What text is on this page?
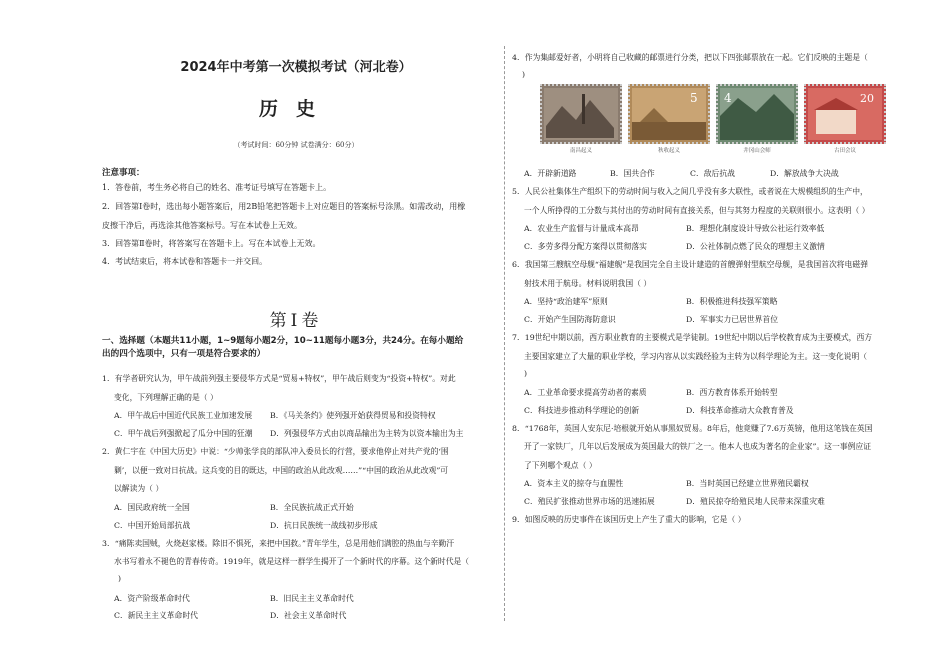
2024年中考第一次模拟考试（河北卷）
历史
（考试时间：60分钟 试卷满分：60分）
注意事项：
1．答卷前，考生务必将自己的姓名、准考证号填写在答题卡上。
2．回答第Ⅰ卷时，选出每小题答案后，用2B铅笔把答题卡上对应题目的答案标号涂黑。如需改动，用橡
皮擦干净后，再选涂其他答案标号。写在本试卷上无效。
3．回答第Ⅱ卷时，将答案写在答题卡上。写在本试卷上无效。
4．考试结束后，将本试卷和答题卡一并交回。
第Ⅰ卷
一、选择题（本题共11小题，1~9题每小题2分，10~11题每小题3分，共24分。在每小题给
出的四个选项中，只有一项是符合要求的）
1．有学者研究认为，甲午战前列强主要侵华方式是“贸易+特权”，甲午战后则变为“投资+特权”。对此
变化，下列理解正确的是（ ）
A．甲午战后中国近代民族工业加速发展 B．《马关条约》使列强开始获得贸易和投资特权
C．甲午战后列强掀起了瓜分中国的狂潮 D．列强侵华方式由以商品输出为主转为以资本输出为主
2．黄仁宇在《中国大历史》中说：“少帅张学良的部队冲入委员长的行营，要求他停止对共产党的‘围
剿’，以便一致对日抗战。这兵变的目的既达，中国的政治从此改观……”“中国的政治从此改观”可
以解读为（ ）
A．国民政府统一全国	B．全民族抗战正式开始
C．中国开始局部抗战	D．抗日民族统一战线初步形成
3．“痛陈卖国贼，火烧赵家楼。除旧不惧死，来把中国救。”青年学生，总是用他们满腔的热血与辛勤汗
水书写着永不褪色的青春传奇。1919年，就是这样一群学生揭开了一个新时代的序幕。这个新时代是（
)
A．资产阶级革命时代	B．旧民主主义革命时代
C．新民主主义革命时代	D．社会主义革命时代
4．作为集邮爱好者，小明将自己收藏的邮票进行分类，把以下四张邮票放在一起。它们反映的主题是（
)
南昌起义
5
秋收起义
4
井冈山会师
20
古田会议
A．开辟新道路	B．国共合作	C．敌后抗战	D．解放战争大决战
5．人民公社集体生产组织下的劳动时间与收入之间几乎没有多大联性，或者说在大规模组织的生产中，
一个人所挣得的工分数与其付出的劳动时间有直接关系，但与其努力程度的关联则很小。这表明（ ）
A．农业生产监督与计量成本高昂	B．理想化制度设计导致公社运行效率低
C．多劳多得分配方案得以贯彻落实	D．公社体制点燃了民众的理想主义激情
6．我国第三艘航空母舰“福建舰”是我国完全自主设计建造的首艘弹射型航空母舰，是我国首次将电磁弹
射技术用于航母。材料说明我国（ ）
A．坚持“政治建军”原则	B．积极推进科技强军策略
C．开始产生国防海防意识	D．军事实力已居世界首位
7．19世纪中期以前，西方职业教育的主要模式是学徒制。19世纪中期以后学校教育成为主要模式，西方
主要国家建立了大量的职业学校，学习内容从以实践经验为主转为以科学理论为主。这一变化说明（
)
A．工业革命要求提高劳动者的素质	B．西方教育体系开始转型
C．科技进步推动科学理论的创新	D．科技革命推动大众教育普及
8．“1768年，英国人安东尼·培根就开始从事黑奴贸易。8年后，他竟赚了7.6万英镑，他用这笔钱在英国
开了一家铁厂，几年以后发展成为英国最大的铁厂之一。他本人也成为著名的企业家”。这一事例应证
了下列哪个观点（ ）
A．资本主义的掠夺与血腥性	B．当时英国已经建立世界殖民霸权
C．殖民扩张推动世界市场的迅速拓展	D．殖民掠夺给殖民地人民带来深重灾难
9．如图反映的历史事件在该国历史上产生了重大的影响，它是（ ）
